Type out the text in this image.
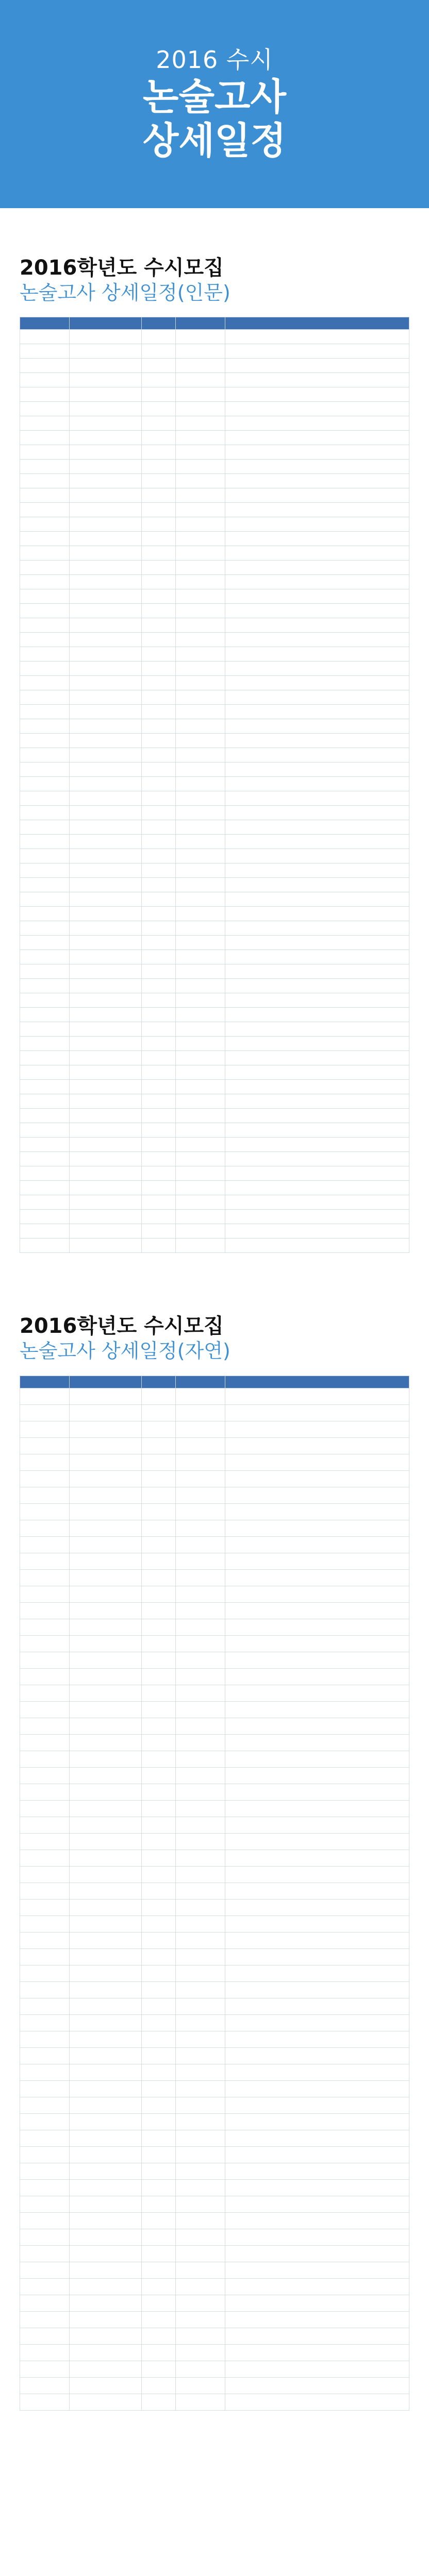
2016 수시
논술고사
상세일정
2016학년도 수시모집
논술고사 상세일정(인문)

2016학년도 수시모집
논술고사 상세일정(자연)
